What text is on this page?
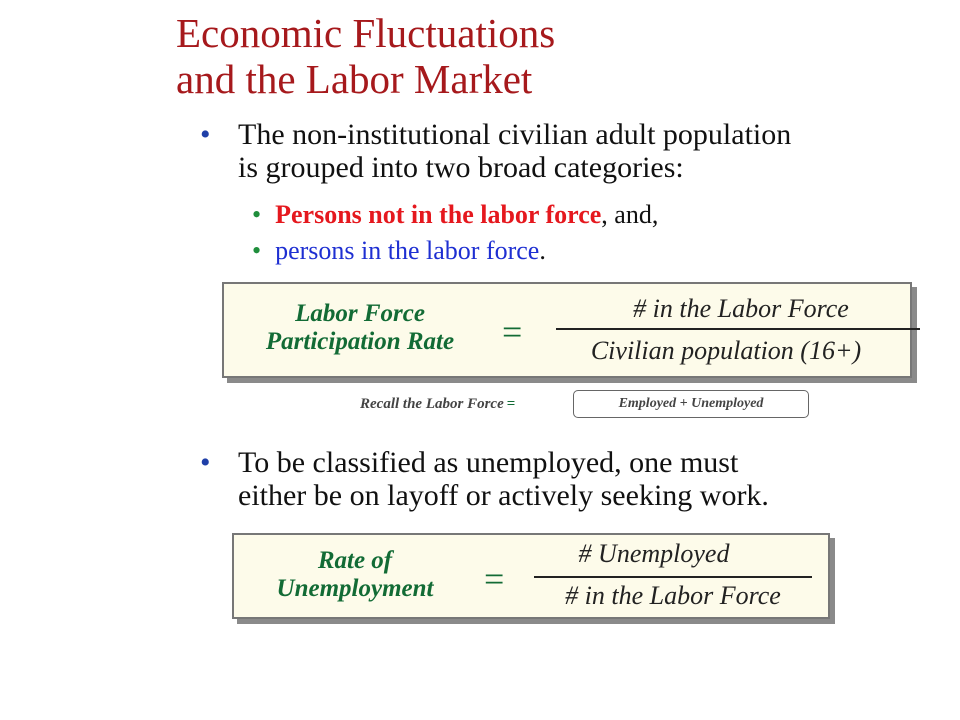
Economic Fluctuations
and the Labor Market
• The non-institutional civilian adult population
is grouped into two broad categories:
• Persons not in the labor force, and,
• persons in the labor force.
Labor Force
Participation Rate	=
# in the Labor Force
Civilian population (16+)
Recall the Labor Force =	Employed + Unemployed
• To be classified as unemployed, one must
either be on layoff or actively seeking work.
Rate of
Unemployment	=
# Unemployed
# in the Labor Force
